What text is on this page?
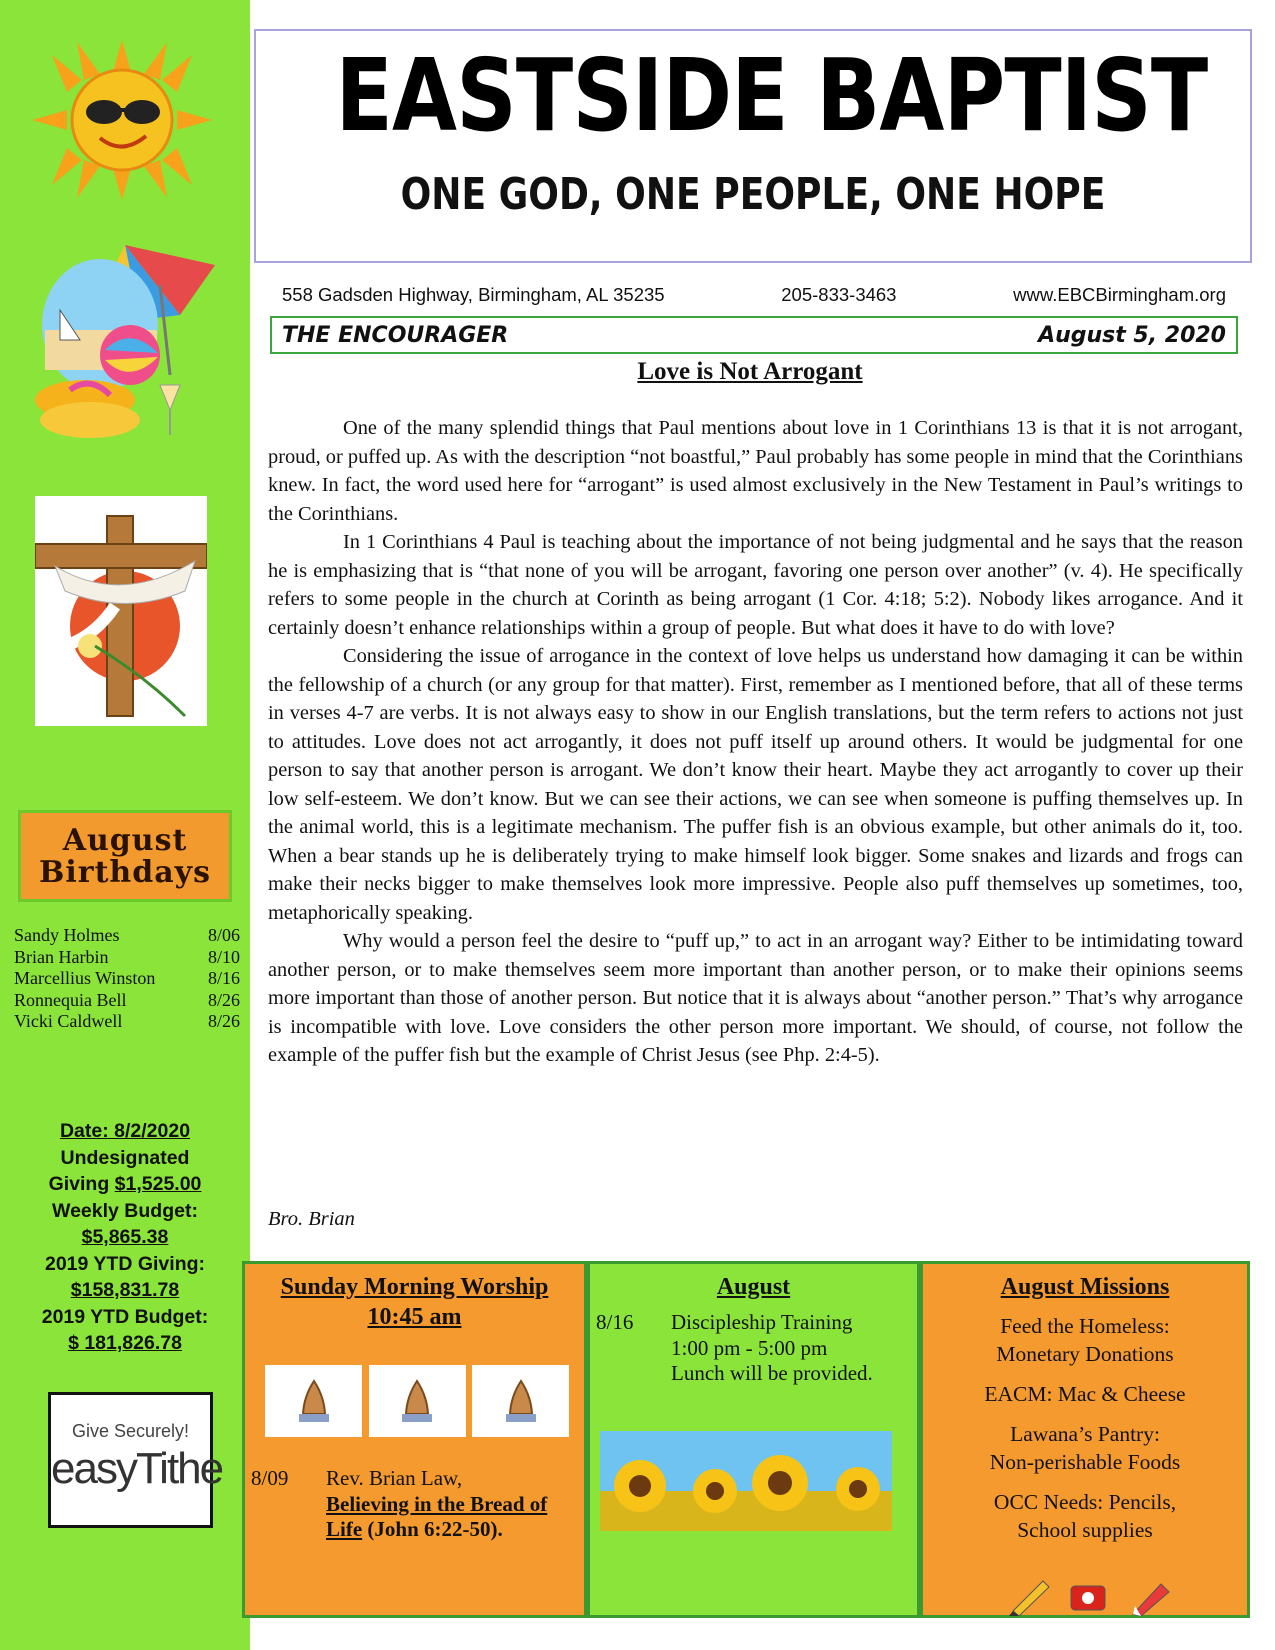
August
Birthdays
Sandy Holmes	8/06
Brian Harbin	8/10
Marcellius Winston	8/16
Ronnequia Bell	8/26
Vicki Caldwell	8/26
Date: 8/2/2020
Undesignated
Giving $1,525.00
Weekly Budget:
$5,865.38
2019 YTD Giving:
$158,831.78
2019 YTD Budget:
$ 181,826.78
Give Securely!
easyTithe
EASTSIDE BAPTIST
ONE GOD, ONE PEOPLE, ONE HOPE
558 Gadsden Highway, Birmingham, AL 35235	205-833-3463	www.EBCBirmingham.org
THE ENCOURAGER	August 5, 2020
Love is Not Arrogant

One of the many splendid things that Paul mentions about love in 1 Corinthians 13 is that it is not arrogant, proud, or puffed up. As with the description “not boastful,” Paul probably has some people in mind that the Corinthians knew. In fact, the word used here for “arrogant” is used almost exclusively in the New Testament in Paul’s writings to the Corinthians.

In 1 Corinthians 4 Paul is teaching about the importance of not being judgmental and he says that the reason he is emphasizing that is “that none of you will be arrogant, favoring one person over another” (v. 4). He specifically refers to some people in the church at Corinth as being arrogant (1 Cor. 4:18; 5:2). Nobody likes arrogance. And it certainly doesn’t enhance relationships within a group of people. But what does it have to do with love?

Considering the issue of arrogance in the context of love helps us understand how damaging it can be within the fellowship of a church (or any group for that matter). First, remember as I mentioned before, that all of these terms in verses 4-7 are verbs. It is not always easy to show in our English translations, but the term refers to actions not just to attitudes. Love does not act arrogantly, it does not puff itself up around others. It would be judgmental for one person to say that another person is arrogant. We don’t know their heart. Maybe they act arrogantly to cover up their low self-esteem. We don’t know. But we can see their actions, we can see when someone is puffing themselves up. In the animal world, this is a legitimate mechanism. The puffer fish is an obvious example, but other animals do it, too. When a bear stands up he is deliberately trying to make himself look bigger. Some snakes and lizards and frogs can make their necks bigger to make themselves look more impressive. People also puff themselves up sometimes, too, metaphorically speaking.

Why would a person feel the desire to “puff up,” to act in an arrogant way? Either to be intimidating toward another person, or to make themselves seem more important than another person, or to make their opinions seems more important than those of another person. But notice that it is always about “another person.” That’s why arrogance is incompatible with love. Love considers the other person more important. We should, of course, not follow the example of the puffer fish but the example of Christ Jesus (see Php. 2:4-5).

Bro. Brian
Sunday Morning Worship
10:45 am
8/09	Rev. Brian Law,
Believing in the Bread of Life (John 6:22-50).
August
8/16	Discipleship Training
1:00 pm - 5:00 pm
Lunch will be provided.
August Missions
Feed the Homeless:
Monetary Donations
EACM: Mac & Cheese
Lawana’s Pantry:
Non-perishable Foods
OCC Needs: Pencils,
School supplies
